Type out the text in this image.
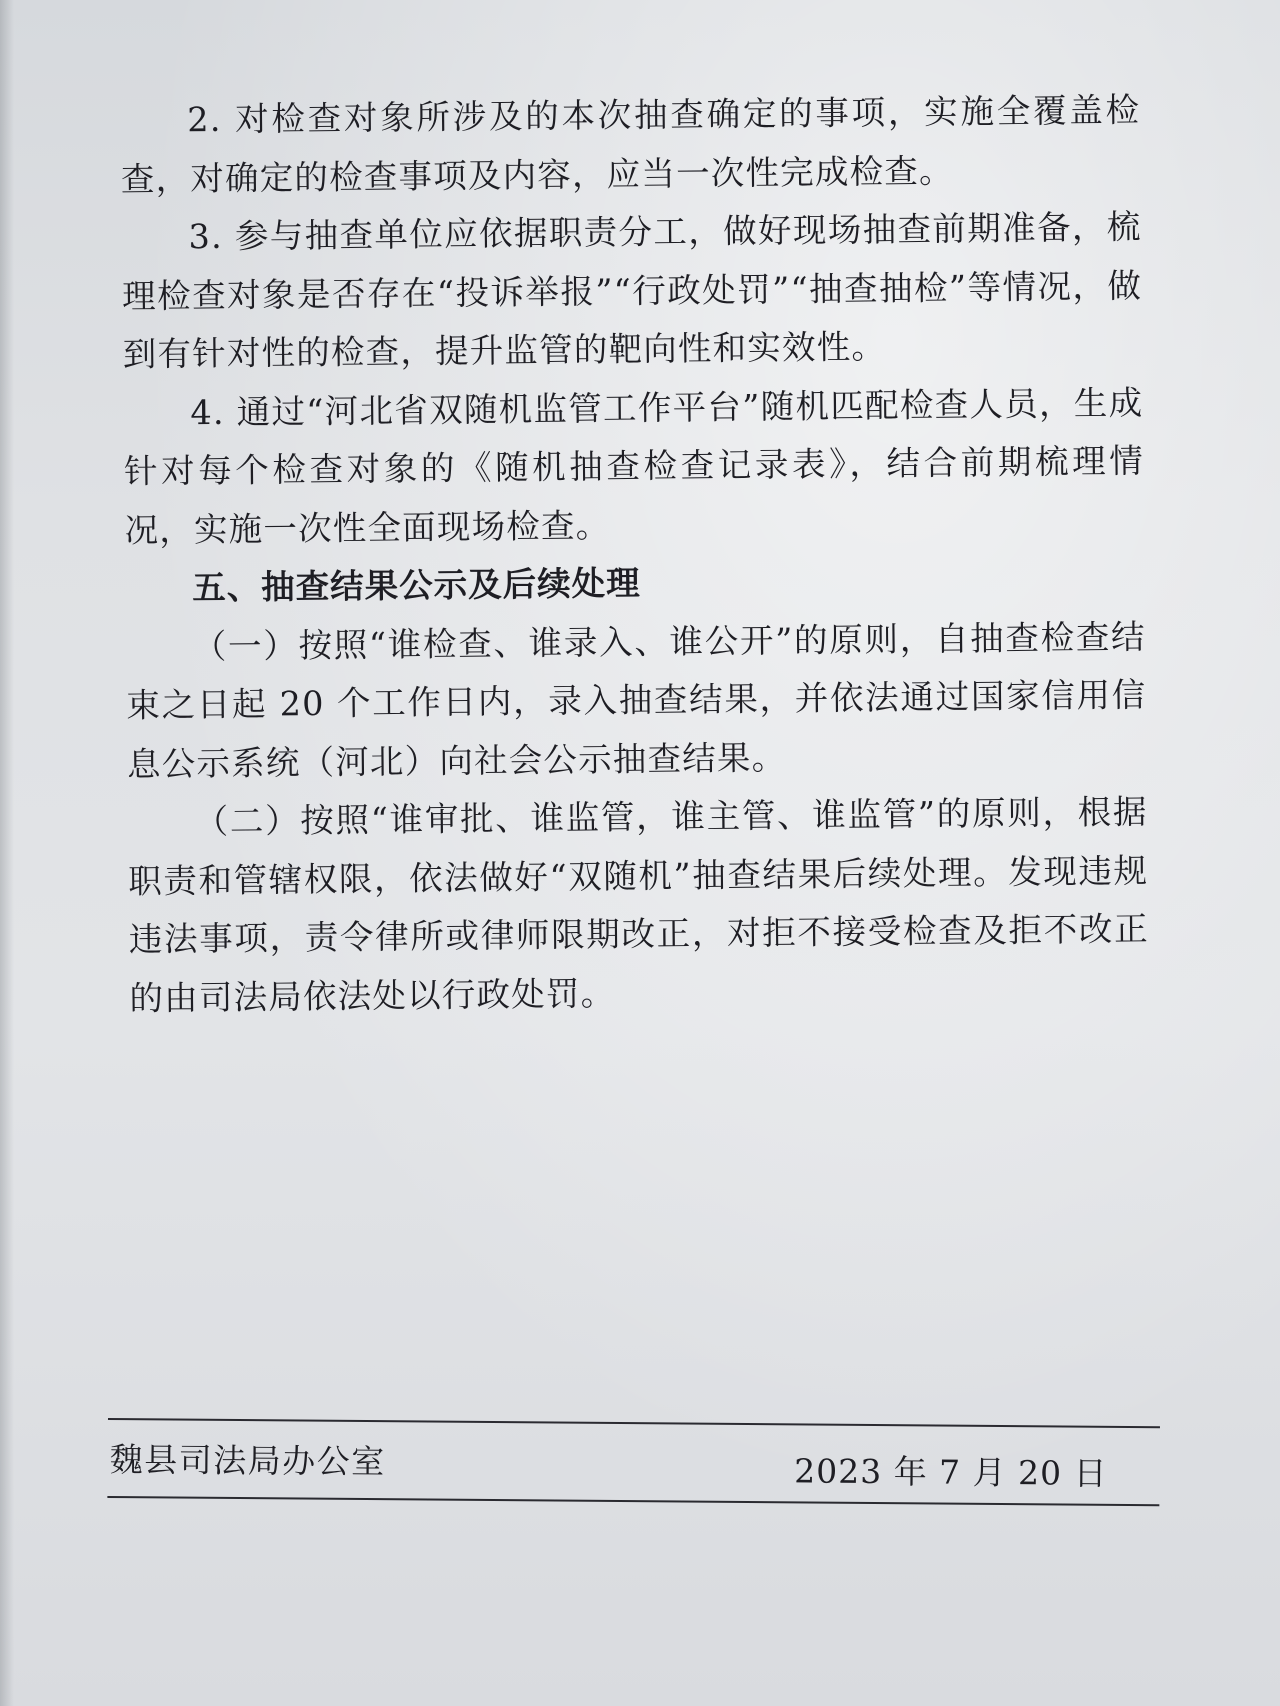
2. 对检查对象所涉及的本次抽查确定的事项，实施全覆盖检查，对确定的检查事项及内容，应当一次性完成检查。

3. 参与抽查单位应依据职责分工，做好现场抽查前期准备，梳理检查对象是否存在“投诉举报”“行政处罚”“抽查抽检”等情况，做到有针对性的检查，提升监管的靶向性和实效性。

4. 通过“河北省双随机监管工作平台”随机匹配检查人员，生成针对每个检查对象的《随机抽查检查记录表》，结合前期梳理情况，实施一次性全面现场检查。

五、抽查结果公示及后续处理

（一）按照“谁检查、谁录入、谁公开”的原则，自抽查检查结束之日起 20 个工作日内，录入抽查结果，并依法通过国家信用信息公示系统（河北）向社会公示抽查结果。

（二）按照“谁审批、谁监管，谁主管、谁监管”的原则，根据职责和管辖权限，依法做好“双随机”抽查结果后续处理。发现违规违法事项，责令律所或律师限期改正，对拒不接受检查及拒不改正的由司法局依法处以行政处罚。

魏县司法局办公室	2023 年 7 月 20 日
